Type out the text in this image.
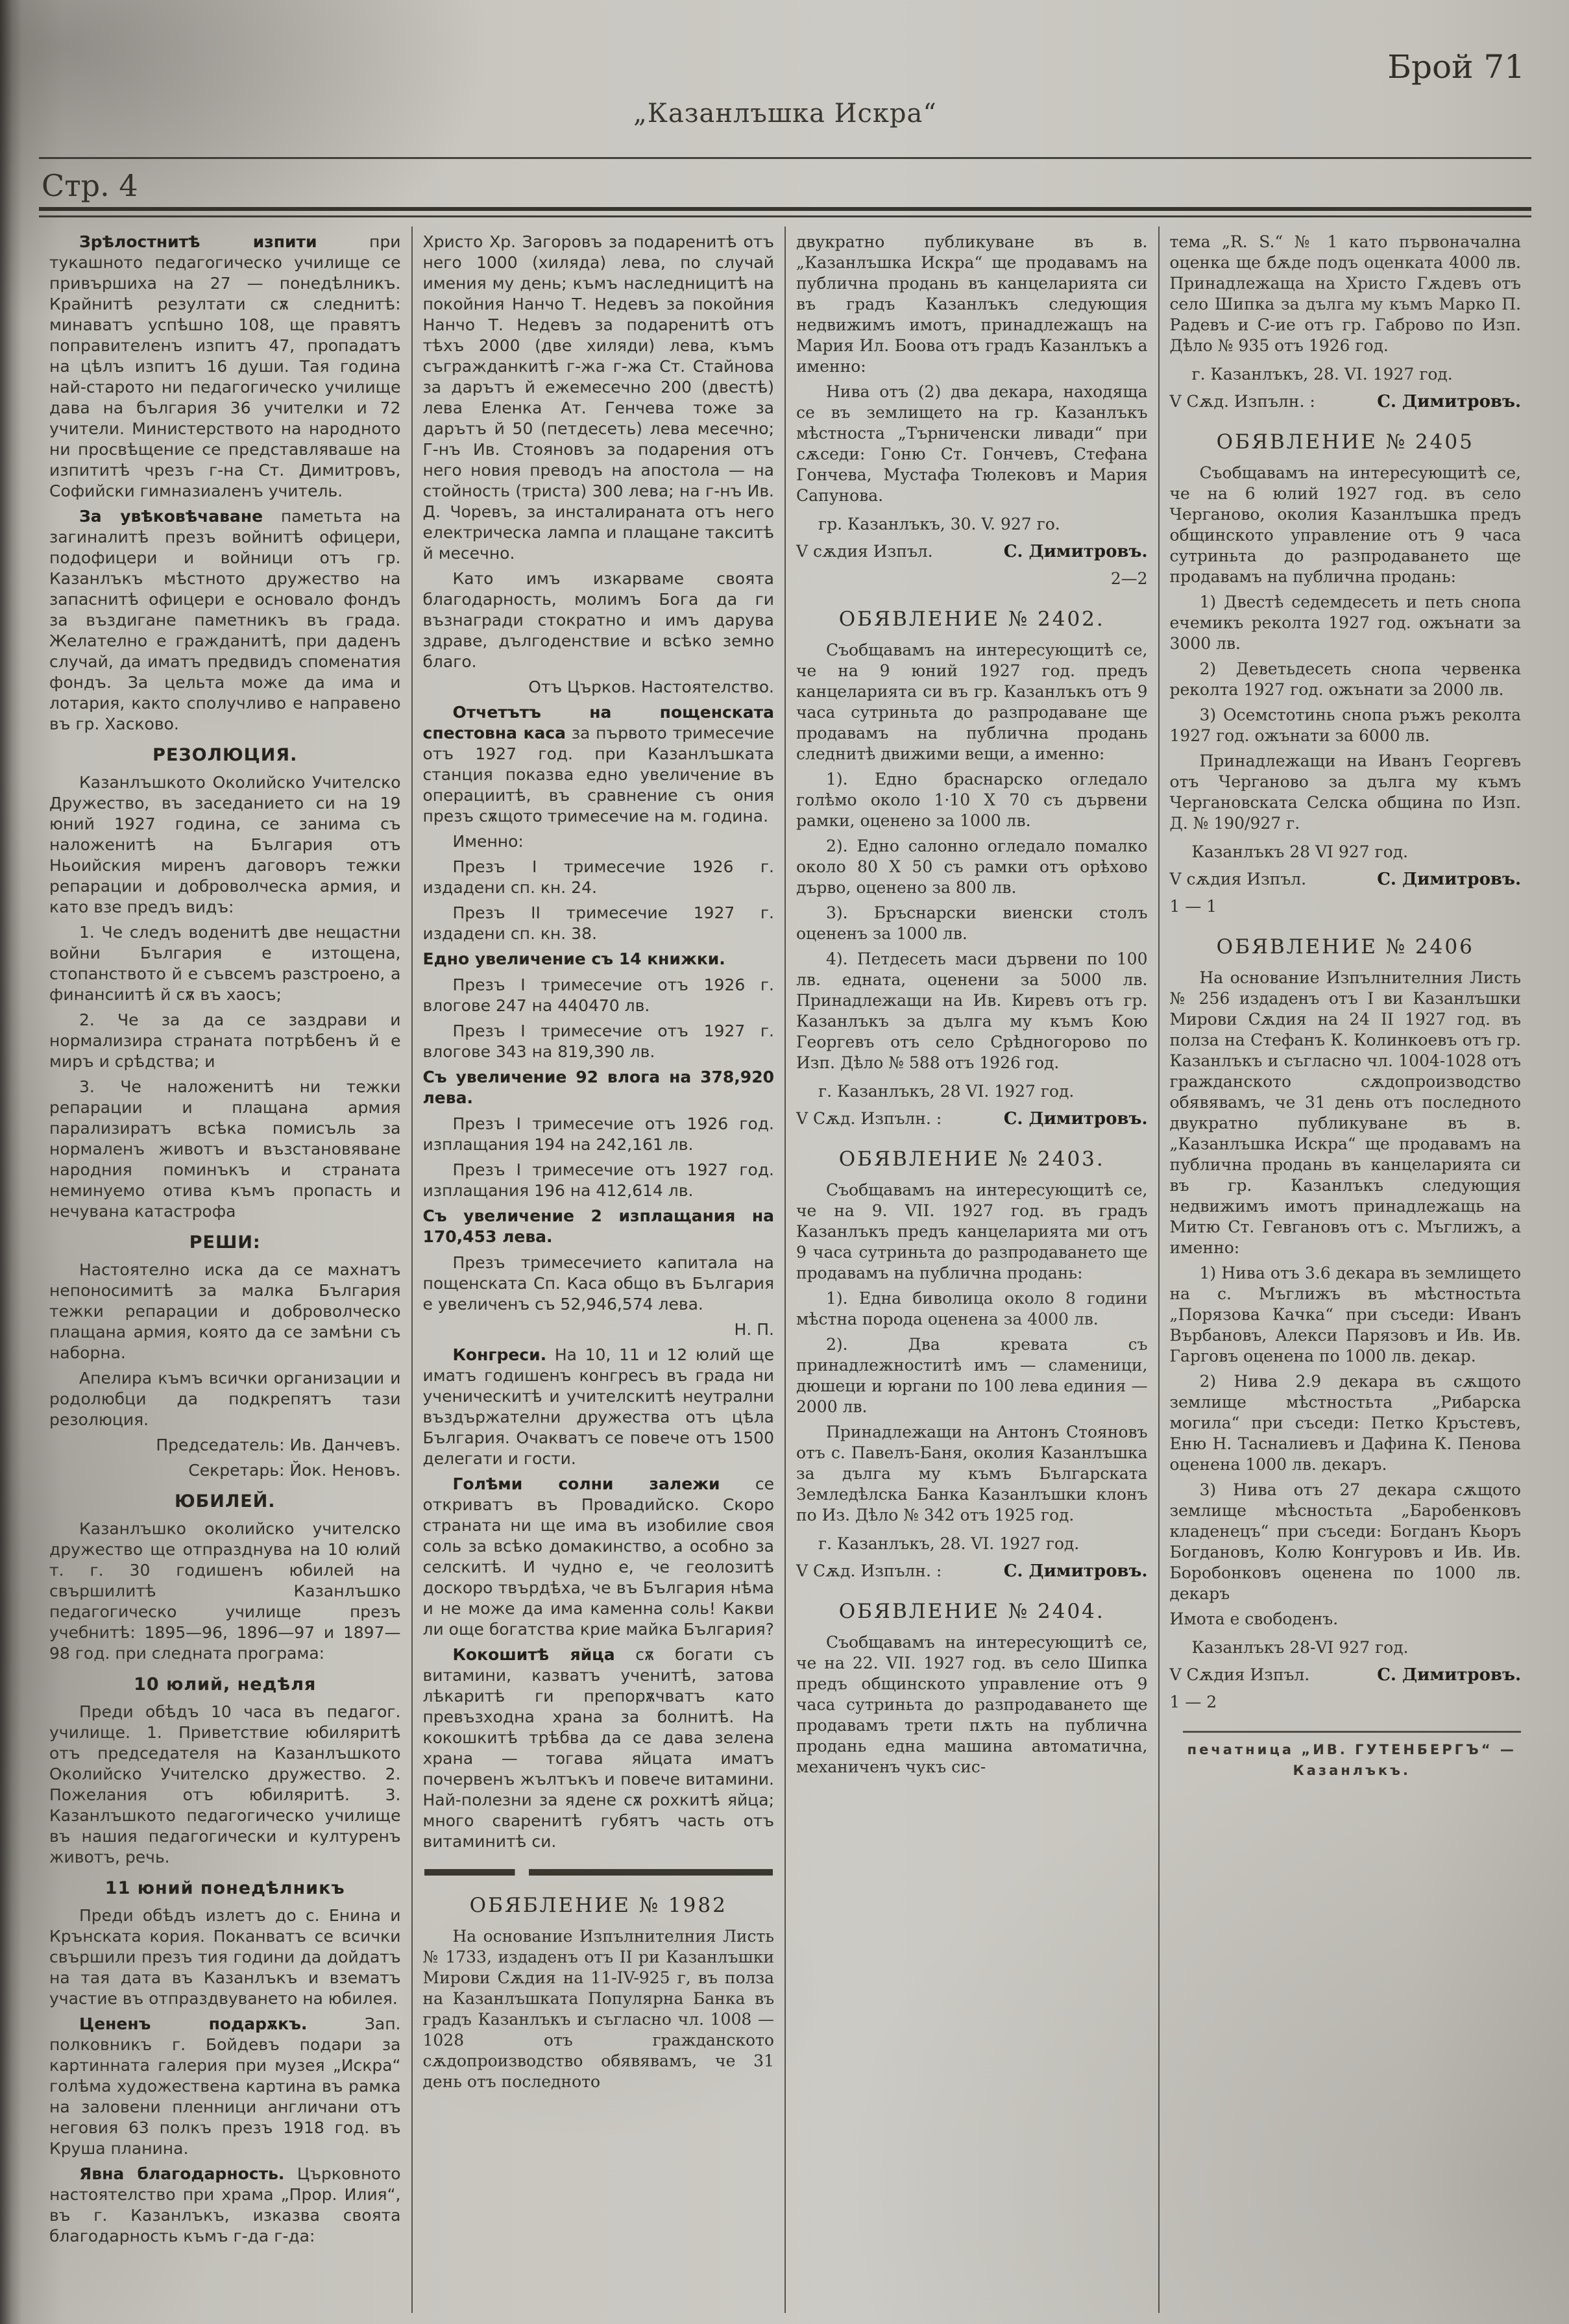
Брой 71
„Казанлъшка Искра“
Стр. 4

Зрѣлостнитѣ изпити	при тукашното педагогическо училище се привършиха на 27 — понедѣлникъ. Крайнитѣ резултати сѫ следнитѣ: минаватъ успѣшно 108, ще правятъ поправителенъ изпитъ 47, пропадатъ на цѣлъ изпитъ 16 души. Тая година най-старото ни педагогическо училище дава на българия 36 учителки и 72 учители. Министерството на народното ни просвѣщение се представляваше на изпититѣ чрезъ г-на Ст. Димитровъ, Софийски гимназиаленъ учитель.

За увѣковѣчаване паметьта на загиналитѣ презъ войнитѣ офицери, подофицери и войници отъ гр. Казанлъкъ мѣстното дружество на запаснитѣ офицери е основало фондъ за въздигане паметникъ въ града. Желателно е гражданитѣ, при даденъ случай, да иматъ предвидъ споменатия фондъ. За цельта може да има и лотария, както сполучливо е направено въ гр. Хасково.

РЕЗОЛЮЦИЯ.

Казанлъшкото Околийско Учителско Дружество, въ заседанието си на 19 юний 1927 година, се занима съ наложенитѣ на България отъ Ньоийския миренъ даговоръ тежки репарации и доброволческа армия, и като взе предъ видъ:

1. Че следъ воденитѣ две нещастни войни България е изтощена, стопанството й е съвсемъ разстроено, а финансиитѣ й сѫ въ хаосъ;

2. Че за да се заздрави и нормализира страната потрѣбенъ й е миръ и срѣдства; и

3. Че наложенитѣ ни тежки репарации и плащана армия парализиратъ всѣка помисъль за нормаленъ животъ и възстановяване народния поминъкъ и страната неминуемо отива къмъ пропасть и нечувана катастрофа

РЕШИ:

Настоятелно иска да се махнатъ непоносимитѣ за малка България тежки репарации и доброволческо плащана армия, която да се замѣни съ наборна.

Апелира къмъ всички организации и родолюбци да подкрепятъ тази резолюция.

Председатель: Ив. Данчевъ.

Секретарь: Йок. Неновъ.

ЮБИЛЕЙ.

Казанлъшко околийско учителско дружество ще отпразднува на 10 юлий т. г. 30 годишенъ юбилей на свършилитѣ Казанлъшко педагогическо училище презъ учебнитѣ: 1895—96, 1896—97 и 1897—98 год. при следната програма:

10 юлий, недѣля

Преди обѣдъ 10 часа въ педагог. училище. 1. Приветствие юбиляритѣ отъ председателя на Казанлъшкото Околийско Учителско дружество. 2. Пожелания отъ юбиляритѣ. 3. Казанлъшкото педагогическо училище въ нашия педагогически и културенъ животъ, речь.

11 юний понедѣлникъ

Преди обѣдъ излетъ до с. Енина и Крънската кория. Поканватъ се всички свършили презъ тия години да дойдатъ на тая дата въ Казанлъкъ и взематъ участие въ отпраздвуването на юбилея.

Цененъ подарѫкъ.	Зап. полковникъ г. Бойдевъ подари за картинната галерия при музея „Искра“ голѣма художествена картина въ рамка на заловени пленници англичани отъ неговия 63 полкъ презъ 1918 год. въ Круша планина.

Явна благодарность. Църковното настоятелство при храма „Прор. Илия“, въ г. Казанлъкъ, изказва своята благодарность къмъ г-да г-да:

Христо Хр. Загоровъ за подаренитѣ отъ него 1000 (хиляда) лева, по случай имения му день; къмъ наследницитѣ на покойния Нанчо Т. Недевъ за покойния Нанчо Т. Недевъ за подаренитѣ отъ тѣхъ 2000 (две хиляди) лева, къмъ съгражданкитѣ г-жа г-жа Ст. Стайнова за дарътъ й ежемесечно 200 (двестѣ) лева Еленка Ат. Генчева тоже за дарътъ й 50 (петдесеть) лева месечно; Г-нъ Ив. Стояновъ за подарения отъ него новия преводъ на апостола — на стойность (триста) 300 лева; на г-нъ Ив. Д. Чоревъ, за инсталираната отъ него електрическа лампа и плащане такситѣ й месечно.

Като имъ изкарваме своята благодарность, молимъ Бога да ги възнагради стократно и имъ дарува здраве, дългоденствие и всѣко земно благо.

Отъ Църков. Настоятелство.

Отчетътъ на пощенската спестовна каса за първото тримесечие отъ 1927 год. при Казанлъшката станция показва едно увеличение въ операциитѣ, въ сравнение съ ония презъ сѫщото тримесечие на м. година.

Именно:

Презъ I тримесечие 1926 г. издадени сп. кн. 24.

Презъ II тримесечие 1927 г. издадени сп. кн. 38.

Едно увеличение съ 14 книжки.

Презъ I тримесечие отъ 1926 г. влогове 247 на 440470 лв.

Презъ I тримесечие отъ 1927 г. влогове 343 на 819,390 лв.

Съ увеличение 92 влога на 378,920 лева.

Презъ I тримесечие отъ 1926 год. изплащания 194 на 242,161 лв.

Презъ I тримесечие отъ 1927 год. изплащания 196 на 412,614 лв.

Съ увеличение 2 изплащания на 170,453 лева.

Презъ тримесечието капитала на пощенската Сп. Каса общо въ България е увеличенъ съ 52,946,574 лева.

Н. П.

Конгреси. На 10, 11 и 12 юлий ще иматъ годишенъ конгресъ въ града ни ученическитѣ и учителскитѣ неутрални въздържателни дружества отъ цѣла България. Очакватъ се повече отъ 1500 делегати и гости.

Голѣми солни залежи се откриватъ въ Провадийско. Скоро страната ни ще има въ изобилие своя соль за всѣко домакинство, а особно за селскитѣ. И чудно е, че геолозитѣ доскоро твърдѣха, че въ България нѣма и не може да има каменна соль! Какви ли още богатства крие майка България?

Кокошитѣ яйца сѫ богати съ витамини, казватъ ученитѣ, затова лѣкаритѣ ги препорѫчватъ като превъзходна храна за болнитѣ. На кокошкитѣ трѣбва да се дава зелена храна — тогава яйцата иматъ почервенъ жълтъкъ и повече витамини. Най-полезни за ядене сѫ рохкитѣ яйца; много сваренитѣ губятъ часть отъ витаминитѣ си.

ОБЯБЛЕНИЕ № 1982

На основание Изпълнителния Листь № 1733, издаденъ отъ II ри Казанлъшки Мирови Сѫдия на 11-IV-925 г, въ полза на Казанлъшката Популярна Банка въ градъ Казанлъкъ и съгласно чл. 1008 — 1028 отъ гражданското сѫдопроизводство обявявамъ, че 31 день отъ последното

двукратно публикуване въ в. „Казанлъшка Искра“ ще продавамъ на публична продань въ канцеларията си въ градъ Казанлъкъ следующия недвижимъ имотъ, принадлежащъ на Мария Ил. Боова отъ градъ Казанлъкъ а именно:

Нива отъ (2) два декара, находяща се въ землището на гр. Казанлъкъ мѣстноста „Търниченски ливади“ при сѫседи: Гоню Ст. Гончевъ, Стефана Гончева, Мустафа Тюлековъ и Мария Сапунова.

гр. Казанлъкъ, 30. V. 927 го.

V сѫдия Изпъл.	С. Димитровъ.

2—2

ОБЯВЛЕНИЕ № 2402.

Съобщавамъ на интересующитѣ се, че на 9 юний 1927 год. предъ канцеларията си въ гр. Казанлъкъ отъ 9 часа сутриньта до разпродаване ще продавамъ на публична продань следнитѣ движими вещи, а именно:

1). Едно браснарско огледало голѣмо около 1·10 X 70 съ дървени рамки, оценено за 1000 лв.

2). Едно салонно огледало помалко около 80 X 50 съ рамки отъ орѣхово дърво, оценено за 800 лв.

3). Бръснарски виенски столъ оцененъ за 1000 лв.

4). Петдесеть маси дървени по 100 лв. едната, оценени за 5000 лв. Принадлежащи на Ив. Киревъ отъ гр. Казанлъкъ за дълга му къмъ Кою Георгевъ отъ село Срѣдногорово по Изп. Дѣло № 588 отъ 1926 год.

г. Казанлъкъ, 28 VI. 1927 год.

V Сѫд. Изпълн. :	С. Димитровъ.
ОБЯВЛЕНИЕ № 2403.

Съобщавамъ на интересующитѣ се, че на 9. VII. 1927 год. въ градъ Казанлъкъ предъ канцеларията ми отъ 9 часа сутриньта до разпродаването ще продавамъ на публична продань:

1). Една биволица около 8 години мѣстна порода оценена за 4000 лв.

2). Два кревата съ принадлежноститѣ имъ — сламеници, дюшеци и юргани по 100 лева единия — 2000 лв.

Принадлежащи на Антонъ Стояновъ отъ с. Павелъ-Баня, околия Казанлъшка за дълга му къмъ Българската Земледѣлска Банка Казанлъшки клонъ по Из. Дѣло № 342 отъ 1925 год.

г. Казанлъкъ, 28. VI. 1927 год.

V Сѫд. Изпълн. :	С. Димитровъ.
ОБЯВЛЕНИЕ № 2404.

Съобщавамъ на интересующитѣ се, че на 22. VII. 1927 год. въ село Шипка предъ общинското управление отъ 9 часа сутриньта до разпродаването ще продавамъ трети пѫть на публична продань една машина автоматична, механиченъ чукъ сис-

тема „R. S.“ № 1 като първоначална оценка ще бѫде подъ оценката 4000 лв. Принадлежаща на Христо Гѫдевъ отъ село Шипка за дълга му къмъ Марко П. Радевъ и С-ие отъ гр. Габрово по Изп. Дѣло № 935 отъ 1926 год.

г. Казанлъкъ, 28. VI. 1927 год.

V Сѫд. Изпълн. :	С. Димитровъ.
ОБЯВЛЕНИЕ № 2405

Съобщавамъ на интересующитѣ се, че на 6 юлий 1927 год. въ село Черганово, околия Казанлъшка предъ общинското управление отъ 9 часа сутриньта до разпродаването ще продавамъ на публична продань:

1) Двестѣ седемдесеть и петь снопа ечемикъ реколта 1927 год. ожънати за 3000 лв.

2) Деветьдесеть снопа червенка реколта 1927 год. ожънати за 2000 лв.

3) Осемстотинь снопа ръжъ реколта 1927 год. ожънати за 6000 лв.

Принадлежащи на Иванъ Георгевъ отъ Черганово за дълга му къмъ Чергановската Селска община по Изп. Д. № 190/927 г.

Казанлъкъ 28 VI 927 год.

V сѫдия Изпъл.	С. Димитровъ.

1 — 1

ОБЯВЛЕНИЕ № 2406

На основание Изпълнителния Листь № 256 издаденъ отъ I ви Казанлъшки Мирови Сѫдия на 24 II 1927 год. въ полза на Стефанъ К. Колинкоевъ отъ гр. Казанлъкъ и съгласно чл. 1004-1028 отъ гражданското сѫдопроизводство обявявамъ, че 31 день отъ последното двукратно публикуване въ в. „Казанлъшка Искра“ ще продавамъ на публична продань въ канцеларията си въ гр. Казанлъкъ следующия недвижимъ имотъ принадлежащь на Митю Ст. Гевгановъ отъ с. Мъглижъ, а именно:

1) Нива отъ 3.6 декара въ землището на с. Мъглижъ въ мѣстностьта „Порязова Качка“ при съседи: Иванъ Върбановъ, Алекси Парязовъ и Ив. Ив. Гарговъ оценена по 1000 лв. декар.

2) Нива 2.9 декара въ сѫщото землище мѣстностьта „Рибарска могила“ при съседи: Петко Кръстевъ, Еню Н. Тасналиевъ и Дафина К. Пенова оценена 1000 лв. декаръ.

3) Нива отъ 27 декара сѫщото землище мѣсностьта „Баробенковъ кладенецъ“ при съседи: Богданъ Кьоръ Богдановъ, Колю Конгуровъ и Ив. Ив. Боробонковъ оценена по 1000 лв. декаръ

Имота е свободенъ.

Казанлъкъ 28-VI 927 год.

V Сѫдия Изпъл.	С. Димитровъ.

1 — 2

печатница „ИВ. ГУТЕНБЕРГЪ“ — Казанлъкъ.
